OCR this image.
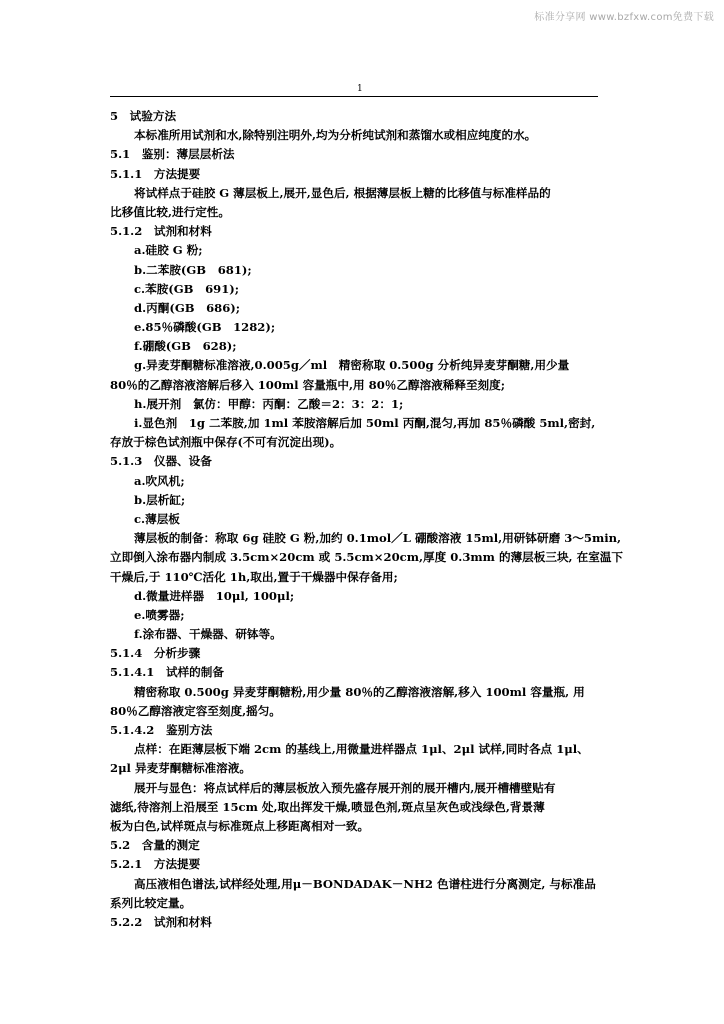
标准分享网 www.bzfxw.com免费下载
1
5　试验方法
本标准所用试剂和水,除特别注明外,均为分析纯试剂和蒸馏水或相应纯度的水。
5.1　鉴别：薄层层析法
5.1.1　方法提要
将试样点于硅胶 G 薄层板上,展开,显色后, 根据薄层板上糖的比移值与标准样品的
比移值比较,进行定性。
5.1.2　试剂和材料
a.硅胶 G 粉;
b.二苯胺(GB　681);
c.苯胺(GB　691);
d.丙酮(GB　686);
e.85％磷酸(GB　1282);
f.硼酸(GB　628);
g.异麦芽酮糖标准溶液,0.005g／ml　精密称取 0.500g 分析纯异麦芽酮糖,用少量
80％的乙醇溶液溶解后移入 100ml 容量瓶中,用 80％乙醇溶液稀释至刻度;
h.展开剂　氯仿：甲醇：丙酮：乙酸＝2：3：2：1;
i.显色剂　1g 二苯胺,加 1ml 苯胺溶解后加 50ml 丙酮,混匀,再加 85％磷酸 5ml,密封,
存放于棕色试剂瓶中保存(不可有沉淀出现)。
5.1.3　仪器、设备
a.吹风机;
b.层析缸;
c.薄层板
薄层板的制备：称取 6g 硅胶 G 粉,加约 0.1mol／L 硼酸溶液 15ml,用研钵研磨 3～5min,
立即倒入涂布器内制成 3.5cm×20cm 或 5.5cm×20cm,厚度 0.3mm 的薄层板三块, 在室温下
干燥后,于 110℃活化 1h,取出,置于干燥器中保存备用;
d.微量进样器　10μl, 100μl;
e.喷雾器;
f.涂布器、干燥器、研钵等。
5.1.4　分析步骤
5.1.4.1　试样的制备
精密称取 0.500g 异麦芽酮糖粉,用少量 80％的乙醇溶液溶解,移入 100ml 容量瓶, 用
80％乙醇溶液定容至刻度,摇匀。
5.1.4.2　鉴别方法
点样：在距薄层板下端 2cm 的基线上,用微量进样器点 1μl、2μl 试样,同时各点 1μl、
2μl 异麦芽酮糖标准溶液。
展开与显色：将点试样后的薄层板放入预先盛存展开剂的展开槽内,展开槽槽壁贴有
滤纸,待溶剂上沿展至 15cm 处,取出挥发干燥,喷显色剂,斑点呈灰色或浅绿色,背景薄
板为白色,试样斑点与标准斑点上移距离相对一致。
5.2　含量的测定
5.2.1　方法提要
高压液相色谱法,试样经处理,用μ－BONDADAK－NH2 色谱柱进行分离测定, 与标准品
系列比较定量。
5.2.2　试剂和材料
